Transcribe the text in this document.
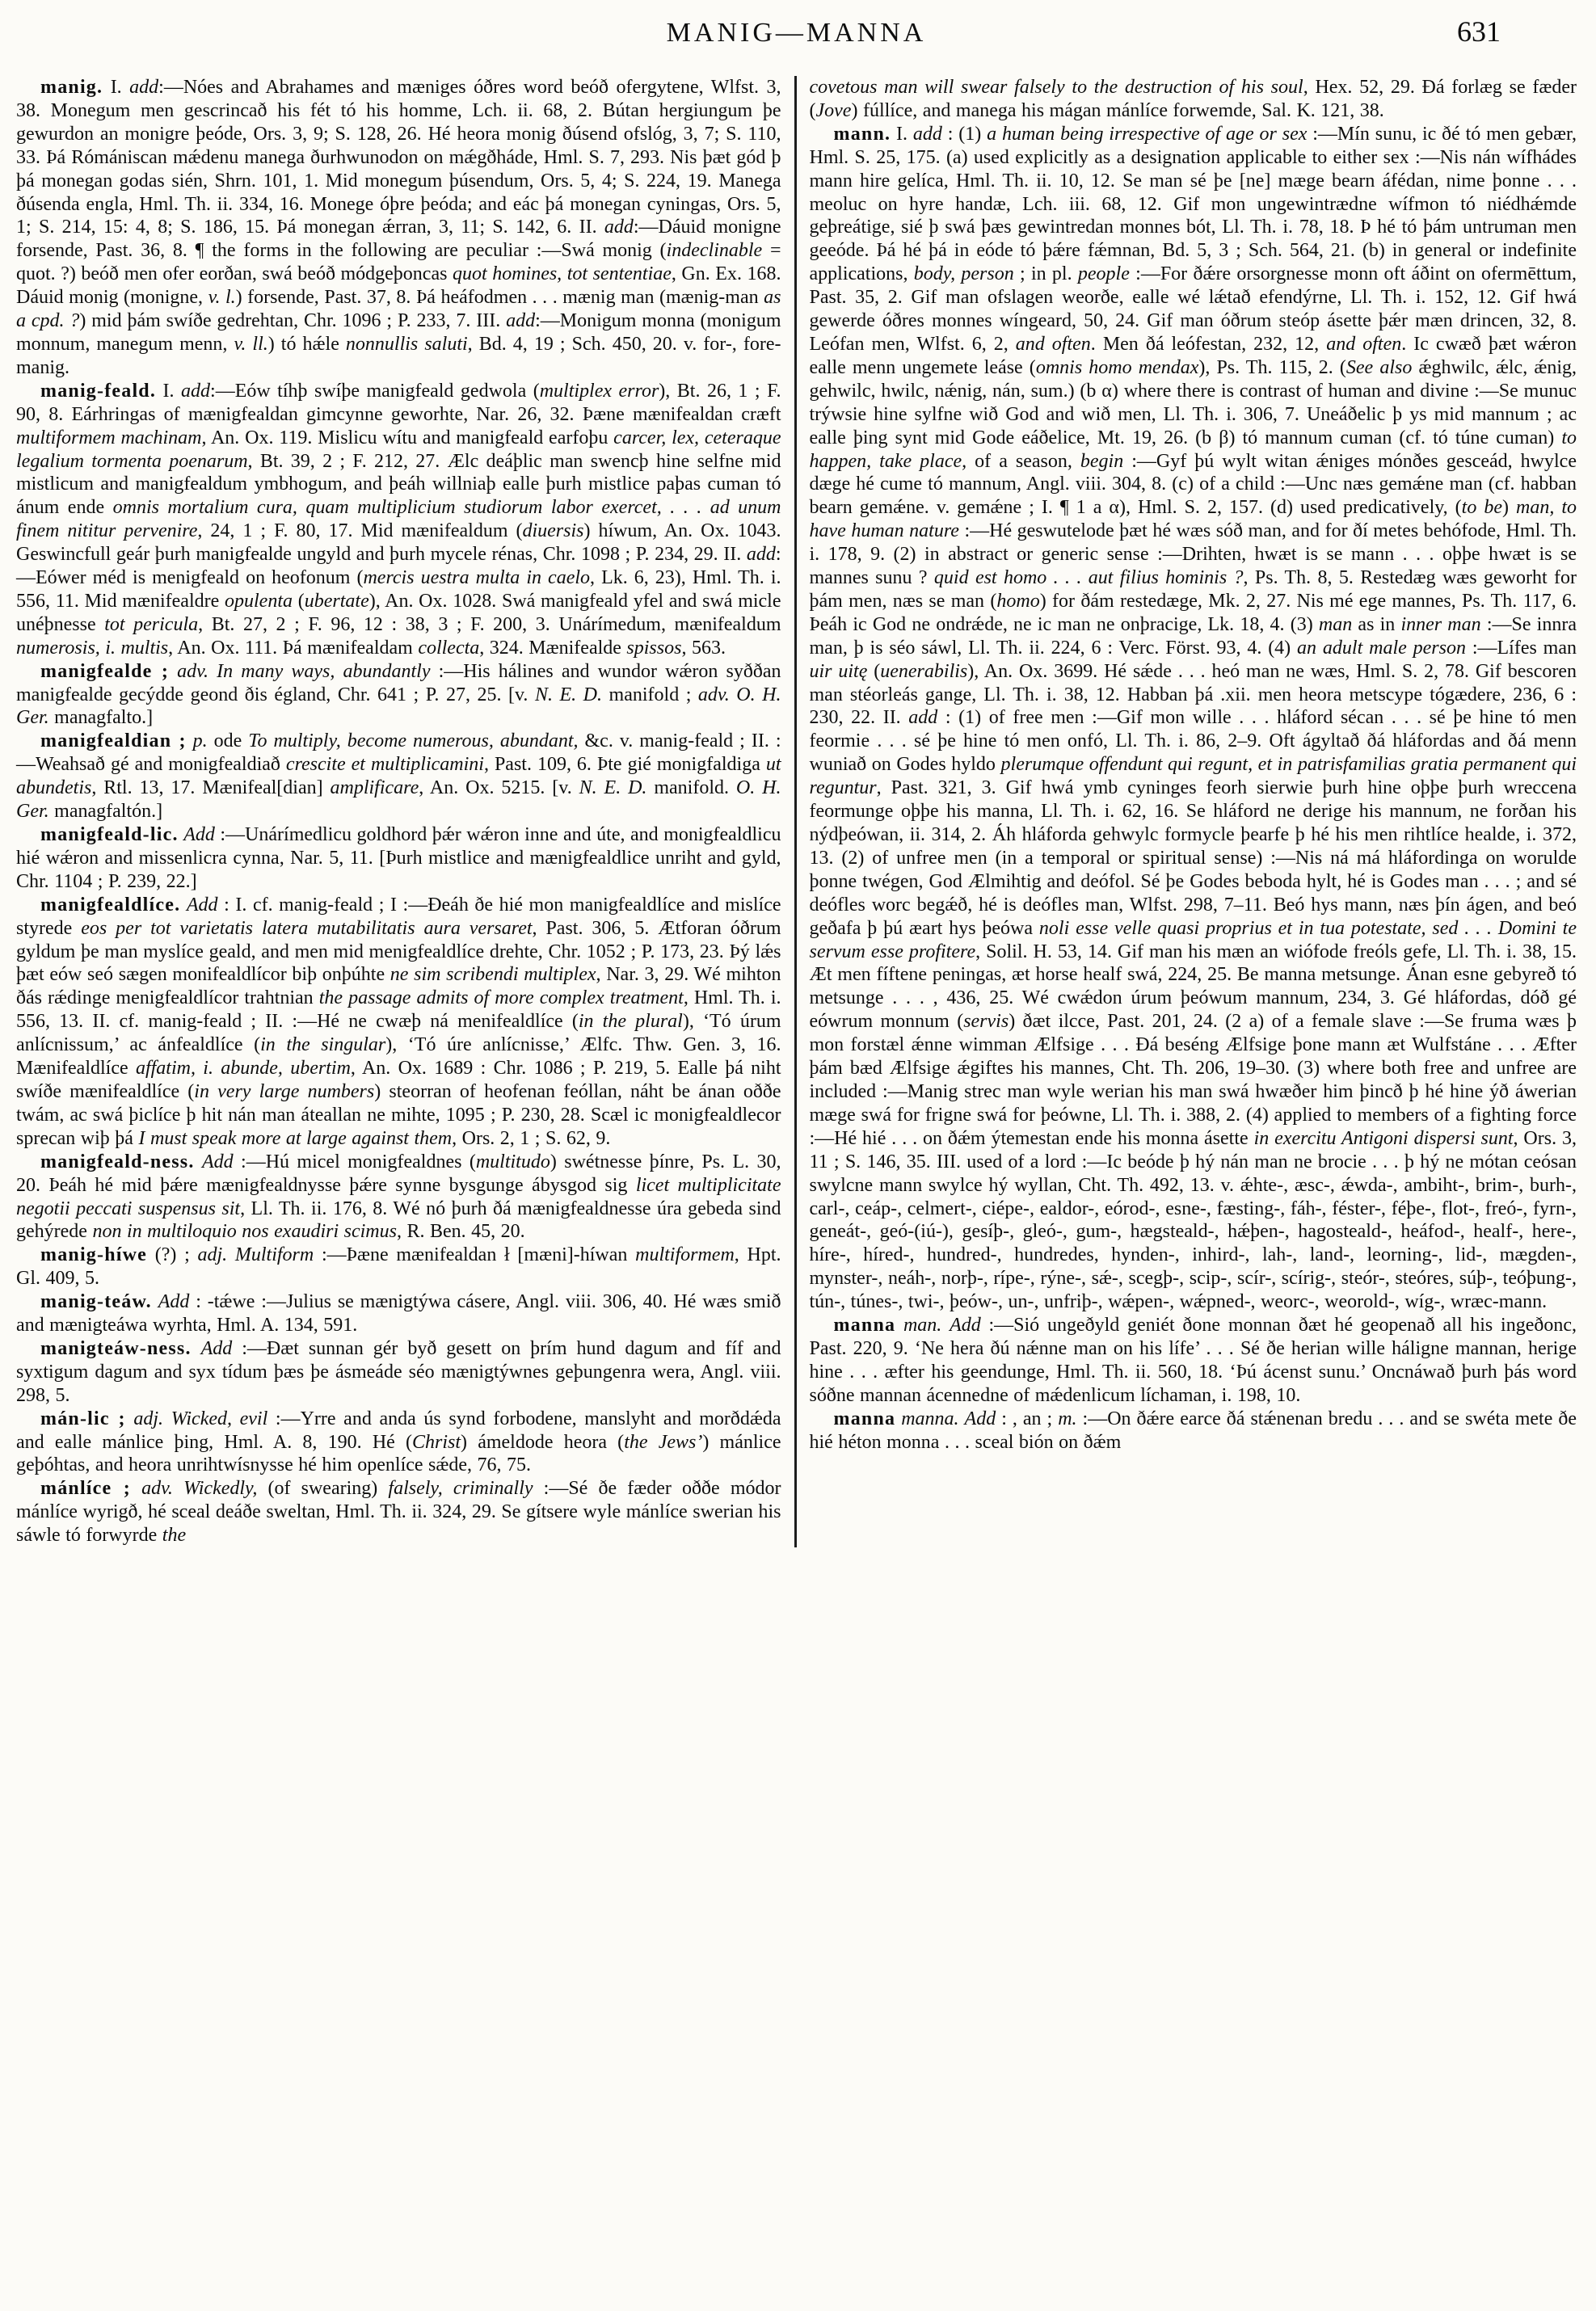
MANIG—MANNA	631

manig. I. add:—Nóes and Abrahames and mæniges óðres word beóð ofergytene, Wlfst. 3, 38. Monegum men gescrincað his fét tó his homme, Lch. ii. 68, 2. Bútan hergiungum þe gewurdon an monigre þeóde, Ors. 3, 9; S. 128, 26. Hé heora monig ðúsend ofslóg, 3, 7; S. 110, 33. Þá Rómániscan mǽdenu manega ðurhwunodon on mǽgðháde, Hml. S. 7, 293. Nis þæt gód þ þá monegan godas sién, Shrn. 101, 1. Mid monegum þúsendum, Ors. 5, 4; S. 224, 19. Manega ðúsenda engla, Hml. Th. ii. 334, 16. Monege óþre þeóda; and eác þá monegan cyningas, Ors. 5, 1; S. 214, 15: 4, 8; S. 186, 15. Þá monegan ǽrran, 3, 11; S. 142, 6. II. add:—Dáuid monigne forsende, Past. 36, 8. ¶ the forms in the following are peculiar :—Swá monig (indeclinable = quot. ?) beóð men ofer eorðan, swá beóð módgeþoncas quot homines, tot sententiae, Gn. Ex. 168. Dáuid monig (monigne, v. l.) forsende, Past. 37, 8. Þá heáfodmen . . . mænig man (mænig-man as a cpd. ?) mid þám swíðe gedrehtan, Chr. 1096 ; P. 233, 7. III. add:—Monigum monna (monigum monnum, manegum menn, v. ll.) tó hǽle nonnullis saluti, Bd. 4, 19 ; Sch. 450, 20. v. for-, fore-manig.

manig-feald. I. add:—Eów tíhþ swíþe manigfeald gedwola (multiplex error), Bt. 26, 1 ; F. 90, 8. Eárhringas of mænigfealdan gimcynne geworhte, Nar. 26, 32. Þæne mænifealdan cræft multiformem machinam, An. Ox. 119. Mislicu wítu and manigfeald earfoþu carcer, lex, ceteraque legalium tormenta poenarum, Bt. 39, 2 ; F. 212, 27. Ælc deáþlic man swencþ hine selfne mid mistlicum and manigfealdum ymbhogum, and þeáh willniaþ ealle þurh mistlice paþas cuman tó ánum ende omnis mortalium cura, quam multiplicium studiorum labor exercet, . . . ad unum finem nititur pervenire, 24, 1 ; F. 80, 17. Mid mænifealdum (diuersis) híwum, An. Ox. 1043. Geswincfull geár þurh manigfealde ungyld and þurh mycele rénas, Chr. 1098 ; P. 234, 29. II. add:—Eówer méd is menigfeald on heofonum (mercis uestra multa in caelo, Lk. 6, 23), Hml. Th. i. 556, 11. Mid mænifealdre opulenta (ubertate), An. Ox. 1028. Swá manigfeald yfel and swá micle unéþnesse tot pericula, Bt. 27, 2 ; F. 96, 12 : 38, 3 ; F. 200, 3. Unárímedum, mænifealdum numerosis, i. multis, An. Ox. 111. Þá mænifealdam collecta, 324. Mænifealde spissos, 563.

manigfealde ; adv. In many ways, abundantly :—His hálines and wundor wǽron syððan manigfealde gecýdde geond ðis égland, Chr. 641 ; P. 27, 25. [v. N. E. D. manifold ; adv. O. H. Ger. managfalto.]

manigfealdian ; p. ode To multiply, become numerous, abundant, &c. v. manig-feald ; II. :—Weahsað gé and monigfealdiað crescite et multiplicamini, Past. 109, 6. Þte gié monigfaldiga ut abundetis, Rtl. 13, 17. Mænifeal[dian] amplificare, An. Ox. 5215. [v. N. E. D. manifold. O. H. Ger. managfaltón.]

manigfeald-lic. Add :—Unárímedlicu goldhord þǽr wǽron inne and úte, and monigfealdlicu hié wǽron and missenlicra cynna, Nar. 5, 11. [Þurh mistlice and mænigfealdlice unriht and gyld, Chr. 1104 ; P. 239, 22.]

manigfealdlíce. Add : I. cf. manig-feald ; I :—Ðeáh ðe hié mon manigfealdlíce and mislíce styrede eos per tot varietatis latera mutabilitatis aura versaret, Past. 306, 5. Ætforan óðrum gyldum þe man myslíce geald, and men mid menigfealdlíce drehte, Chr. 1052 ; P. 173, 23. Þý lǽs þæt eów seó sægen monifealdlícor biþ onþúhte ne sim scribendi multiplex, Nar. 3, 29. Wé mihton ðás rǽdinge menigfealdlícor trahtnian the passage admits of more complex treatment, Hml. Th. i. 556, 13. II. cf. manig-feald ; II. :—Hé ne cwæþ ná menifealdlíce (in the plural), ‘Tó úrum anlícnissum,’ ac ánfealdlíce (in the singular), ‘Tó úre anlícnisse,’ Ælfc. Thw. Gen. 3, 16. Mænifealdlíce affatim, i. abunde, ubertim, An. Ox. 1689 : Chr. 1086 ; P. 219, 5. Ealle þá niht swíðe mænifealdlíce (in very large numbers) steorran of heofenan feóllan, náht be ánan oððe twám, ac swá þiclíce þ hit nán man áteallan ne mihte, 1095 ; P. 230, 28. Scæl ic monigfealdlecor sprecan wiþ þá I must speak more at large against them, Ors. 2, 1 ; S. 62, 9.

manigfeald-ness. Add :—Hú micel monigfealdnes (multitudo) swétnesse þínre, Ps. L. 30, 20. Þeáh hé mid þǽre mænigfealdnysse þǽre synne bysgunge ábysgod sig licet multiplicitate negotii peccati suspensus sit, Ll. Th. ii. 176, 8. Wé nó þurh ðá mænigfealdnesse úra gebeda sind gehýrede non in multiloquio nos exaudiri scimus, R. Ben. 45, 20.

manig-híwe (?) ; adj. Multiform :—Þæne mænifealdan ł [mæni]-híwan multiformem, Hpt. Gl. 409, 5.

manig-teáw. Add : -tǽwe :—Julius se mænigtýwa cásere, Angl. viii. 306, 40. Hé wæs smið and mænigteáwa wyrhta, Hml. A. 134, 591.

manigteáw-ness. Add :—Ðæt sunnan gér byð gesett on þrím hund dagum and fíf and syxtigum dagum and syx tídum þæs þe ásmeáde séo mænigtýwnes geþungenra wera, Angl. viii. 298, 5.

mán-lic ; adj. Wicked, evil :—Yrre and anda ús synd forbodene, manslyht and morðdǽda and ealle mánlice þing, Hml. A. 8, 190. Hé (Christ) ámeldode heora (the Jews’) mánlice geþóhtas, and heora unrihtwísnysse hé him openlíce sǽde, 76, 75.

mánlíce ; adv. Wickedly, (of swearing) falsely, criminally :—Sé ðe fæder oððe módor mánlíce wyrigð, hé sceal deáðe sweltan, Hml. Th. ii. 324, 29. Se gítsere wyle mánlíce swerian his sáwle tó forwyrde the

covetous man will swear falsely to the destruction of his soul, Hex. 52, 29. Ðá forlæg se fæder (Jove) fúllíce, and manega his mágan mánlíce forwemde, Sal. K. 121, 38.

mann. I. add : (1) a human being irrespective of age or sex :—Mín sunu, ic ðé tó men gebær, Hml. S. 25, 175. (a) used explicitly as a designation applicable to either sex :—Nis nán wífhádes mann hire gelíca, Hml. Th. ii. 10, 12. Se man sé þe [ne] mæge bearn áfédan, nime þonne . . . meoluc on hyre handæ, Lch. iii. 68, 12. Gif mon ungewintrædne wífmon tó niédhǽmde geþreátige, sié þ swá þæs gewintredan monnes bót, Ll. Th. i. 78, 18. Þ hé tó þám untruman men geeóde. Þá hé þá in eóde tó þǽre fǽmnan, Bd. 5, 3 ; Sch. 564, 21. (b) in general or indefinite applications, body, person ; in pl. people :—For ðǽre orsorgnesse monn oft áðint on ofermēttum, Past. 35, 2. Gif man ofslagen weorðe, ealle wé lǽtað efendýrne, Ll. Th. i. 152, 12. Gif hwá gewerde óðres monnes wíngeard, 50, 24. Gif man óðrum steóp ásette þǽr mæn drincen, 32, 8. Leófan men, Wlfst. 6, 2, and often. Men ðá leófestan, 232, 12, and often. Ic cwæð þæt wǽron ealle menn ungemete leáse (omnis homo mendax), Ps. Th. 115, 2. (See also ǽghwilc, ǽlc, ǽnig, gehwilc, hwilc, nǽnig, nán, sum.) (b α) where there is contrast of human and divine :—Se munuc trýwsie hine sylfne wið God and wið men, Ll. Th. i. 306, 7. Uneáðelic þ ys mid mannum ; ac ealle þing synt mid Gode eáðelice, Mt. 19, 26. (b β) tó mannum cuman (cf. tó túne cuman) to happen, take place, of a season, begin :—Gyf þú wylt witan ǽniges mónðes gesceád, hwylce dæge hé cume tó mannum, Angl. viii. 304, 8. (c) of a child :—Unc næs gemǽne man (cf. habban bearn gemǽne. v. gemǽne ; I. ¶ 1 a α), Hml. S. 2, 157. (d) used predicatively, (to be) man, to have human nature :—Hé geswutelode þæt hé wæs sóð man, and for ðí metes behófode, Hml. Th. i. 178, 9. (2) in abstract or generic sense :—Drihten, hwæt is se mann . . . oþþe hwæt is se mannes sunu ? quid est homo . . . aut filius hominis ?, Ps. Th. 8, 5. Restedæg wæs geworht for þám men, næs se man (homo) for ðám restedæge, Mk. 2, 27. Nis mé ege mannes, Ps. Th. 117, 6. Þeáh ic God ne ondrǽde, ne ic man ne onþracige, Lk. 18, 4. (3) man as in inner man :—Se innra man, þ is séo sáwl, Ll. Th. ii. 224, 6 : Verc. Först. 93, 4. (4) an adult male person :—Lífes man uir uitę (uenerabilis), An. Ox. 3699. Hé sǽde . . . heó man ne wæs, Hml. S. 2, 78. Gif bescoren man stéorleás gange, Ll. Th. i. 38, 12. Habban þá .xii. men heora metscype tógædere, 236, 6 : 230, 22. II. add : (1) of free men :—Gif mon wille . . . hláford sécan . . . sé þe hine tó men feormie . . . sé þe hine tó men onfó, Ll. Th. i. 86, 2–9. Oft ágyltað ðá hláfordas and ðá menn wuniað on Godes hyldo plerumque offendunt qui regunt, et in patrisfamilias gratia permanent qui reguntur, Past. 321, 3. Gif hwá ymb cyninges feorh sierwie þurh hine oþþe þurh wreccena feormunge oþþe his manna, Ll. Th. i. 62, 16. Se hláford ne derige his mannum, ne forðan his nýdþeówan, ii. 314, 2. Áh hláforda gehwylc formycle þearfe þ hé his men rihtlíce healde, i. 372, 13. (2) of unfree men (in a temporal or spiritual sense) :—Nis ná má hláfordinga on worulde þonne twégen, God Ælmihtig and deófol. Sé þe Godes beboda hylt, hé is Godes man . . . ; and sé deófles worc begǽð, hé is deófles man, Wlfst. 298, 7–11. Beó hys mann, næs þín ágen, and beó geðafa þ þú æart hys þeówa noli esse velle quasi proprius et in tua potestate, sed . . . Domini te servum esse profitere, Solil. H. 53, 14. Gif man his mæn an wiófode freóls gefe, Ll. Th. i. 38, 15. Æt men fíftene peningas, æt horse healf swá, 224, 25. Be manna metsunge. Ánan esne gebyreð tó metsunge . . . , 436, 25. Wé cwǽdon úrum þeówum mannum, 234, 3. Gé hláfordas, dóð gé eówrum monnum (servis) ðæt ilcce, Past. 201, 24. (2 a) of a female slave :—Se fruma wæs þ mon forstæl ǽnne wimman Ælfsige . . . Ðá beséng Ælfsige þone mann æt Wulfstáne . . . Æfter þám bæd Ælfsige ǽgiftes his mannes, Cht. Th. 206, 19–30. (3) where both free and unfree are included :—Manig strec man wyle werian his man swá hwæðer him þincð þ hé hine ýð áwerian mæge swá for frigne swá for þeówne, Ll. Th. i. 388, 2. (4) applied to members of a fighting force :—Hé hié . . . on ðǽm ýtemestan ende his monna ásette in exercitu Antigoni dispersi sunt, Ors. 3, 11 ; S. 146, 35. III. used of a lord :—Ic beóde þ hý nán man ne brocie . . . þ hý ne mótan ceósan swylcne mann swylce hý wyllan, Cht. Th. 492, 13. v. ǽhte-, æsc-, ǽwda-, ambiht-, brim-, burh-, carl-, ceáp-, celmert-, ciépe-, ealdor-, eórod-, esne-, fæsting-, fáh-, féster-, féþe-, flot-, freó-, fyrn-, geneát-, geó-(iú-), gesíþ-, gleó-, gum-, hægsteald-, hǽþen-, hagosteald-, heáfod-, healf-, here-, híre-, híred-, hundred-, hundredes, hynden-, inhird-, lah-, land-, leorning-, lid-, mægden-, mynster-, neáh-, norþ-, rípe-, rýne-, sǽ-, scegþ-, scip-, scír-, scírig-, steór-, steóres, súþ-, teóþung-, tún-, túnes-, twi-, þeów-, un-, unfriþ-, wǽpen-, wǽpned-, weorc-, weorold-, wíg-, wræc-mann.

manna man. Add :—Sió ungeðyld geniét ðone monnan ðæt hé geopenað all his ingeðonc, Past. 220, 9. ‘Ne hera ðú nǽnne man on his lífe’ . . . Sé ðe herian wille háligne mannan, herige hine . . . æfter his geendunge, Hml. Th. ii. 560, 18. ‘Þú ácenst sunu.’ Oncnáwað þurh þás word sóðne mannan ácennedne of mǽdenlicum líchaman, i. 198, 10.

manna manna. Add : , an ; m. :—On ðǽre earce ðá stǽnenan bredu . . . and se swéta mete ðe hié héton monna . . . sceal bión on ðǽm
